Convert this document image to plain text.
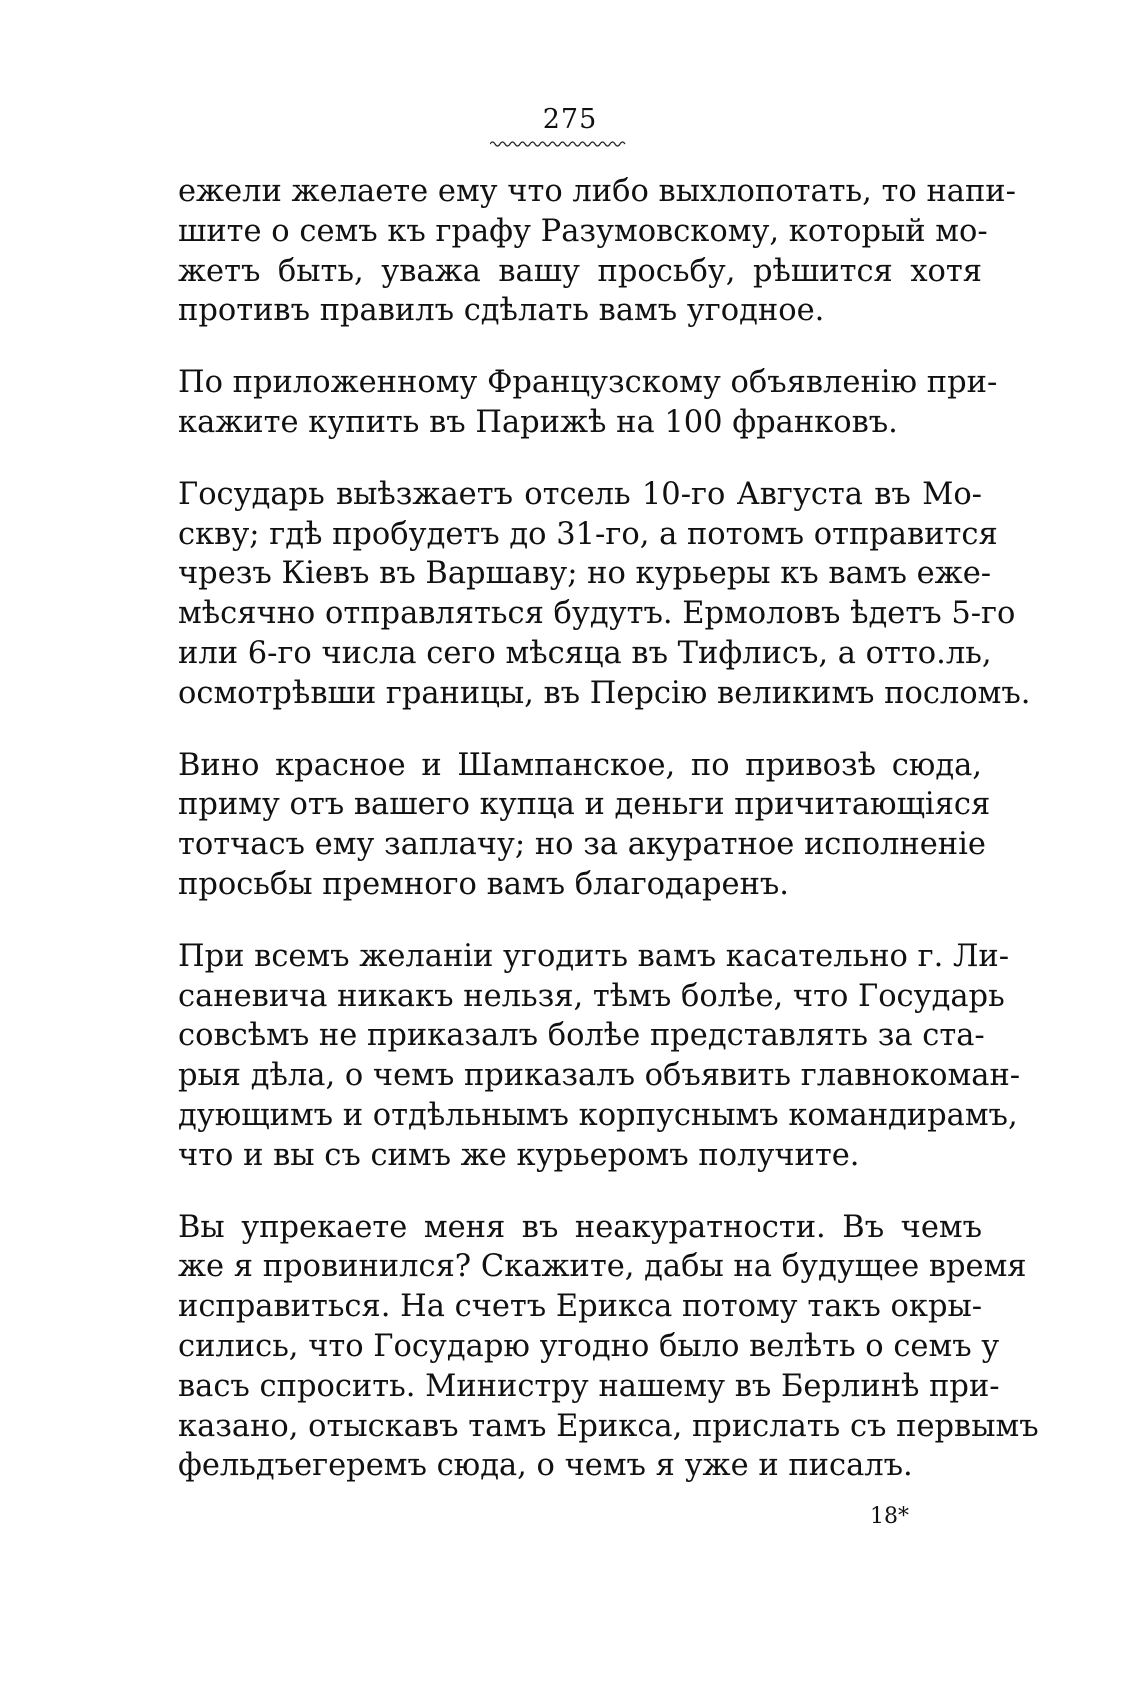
275

ежели желаете ему что либо выхлопотать, то напи-
шите о семъ къ графу Разумовскому, который мо-
жетъ быть, уважа вашу просьбу, рѣшится хотя
противъ правилъ сдѣлать вамъ угодное.

По приложенному Французскому объявленію при-
кажите купить въ Парижѣ на 100 франковъ.

Государь выѣзжаетъ отсель 10-го Августа въ Мо-
скву; гдѣ пробудетъ до 31-го, а потомъ отправится
чрезъ Кіевъ въ Варшаву; но курьеры къ вамъ еже-
мѣсячно отправляться будутъ. Ермоловъ ѣдетъ 5-го
или 6-го числа сего мѣсяца въ Тифлисъ, а отто.ль,
осмотрѣвши границы, въ Персію великимъ посломъ.

Вино красное и Шампанское, по привозѣ сюда,
приму отъ вашего купца и деньги причитающіяся
тотчасъ ему заплачу; но за акуратное исполненіе
просьбы премного вамъ благодаренъ.

При всемъ желаніи угодить вамъ касательно г. Ли-
саневича никакъ нельзя, тѣмъ болѣе, что Государь
совсѣмъ не приказалъ болѣе представлять за ста-
рыя дѣла, о чемъ приказалъ объявить главнокоман-
дующимъ и отдѣльнымъ корпуснымъ командирамъ,
что и вы съ симъ же курьеромъ получите.

Вы упрекаете меня въ неакуратности. Въ чемъ
же я провинился? Скажите, дабы на будущее время
исправиться. На счетъ Ерикса потому такъ окры-
сились, что Государю угодно было велѣть о семъ у
васъ спросить. Министру нашему въ Берлинѣ при-
казано, отыскавъ тамъ Ерикса, прислать съ первымъ
фельдъегеремъ сюда, о чемъ я уже и писалъ.

18*
